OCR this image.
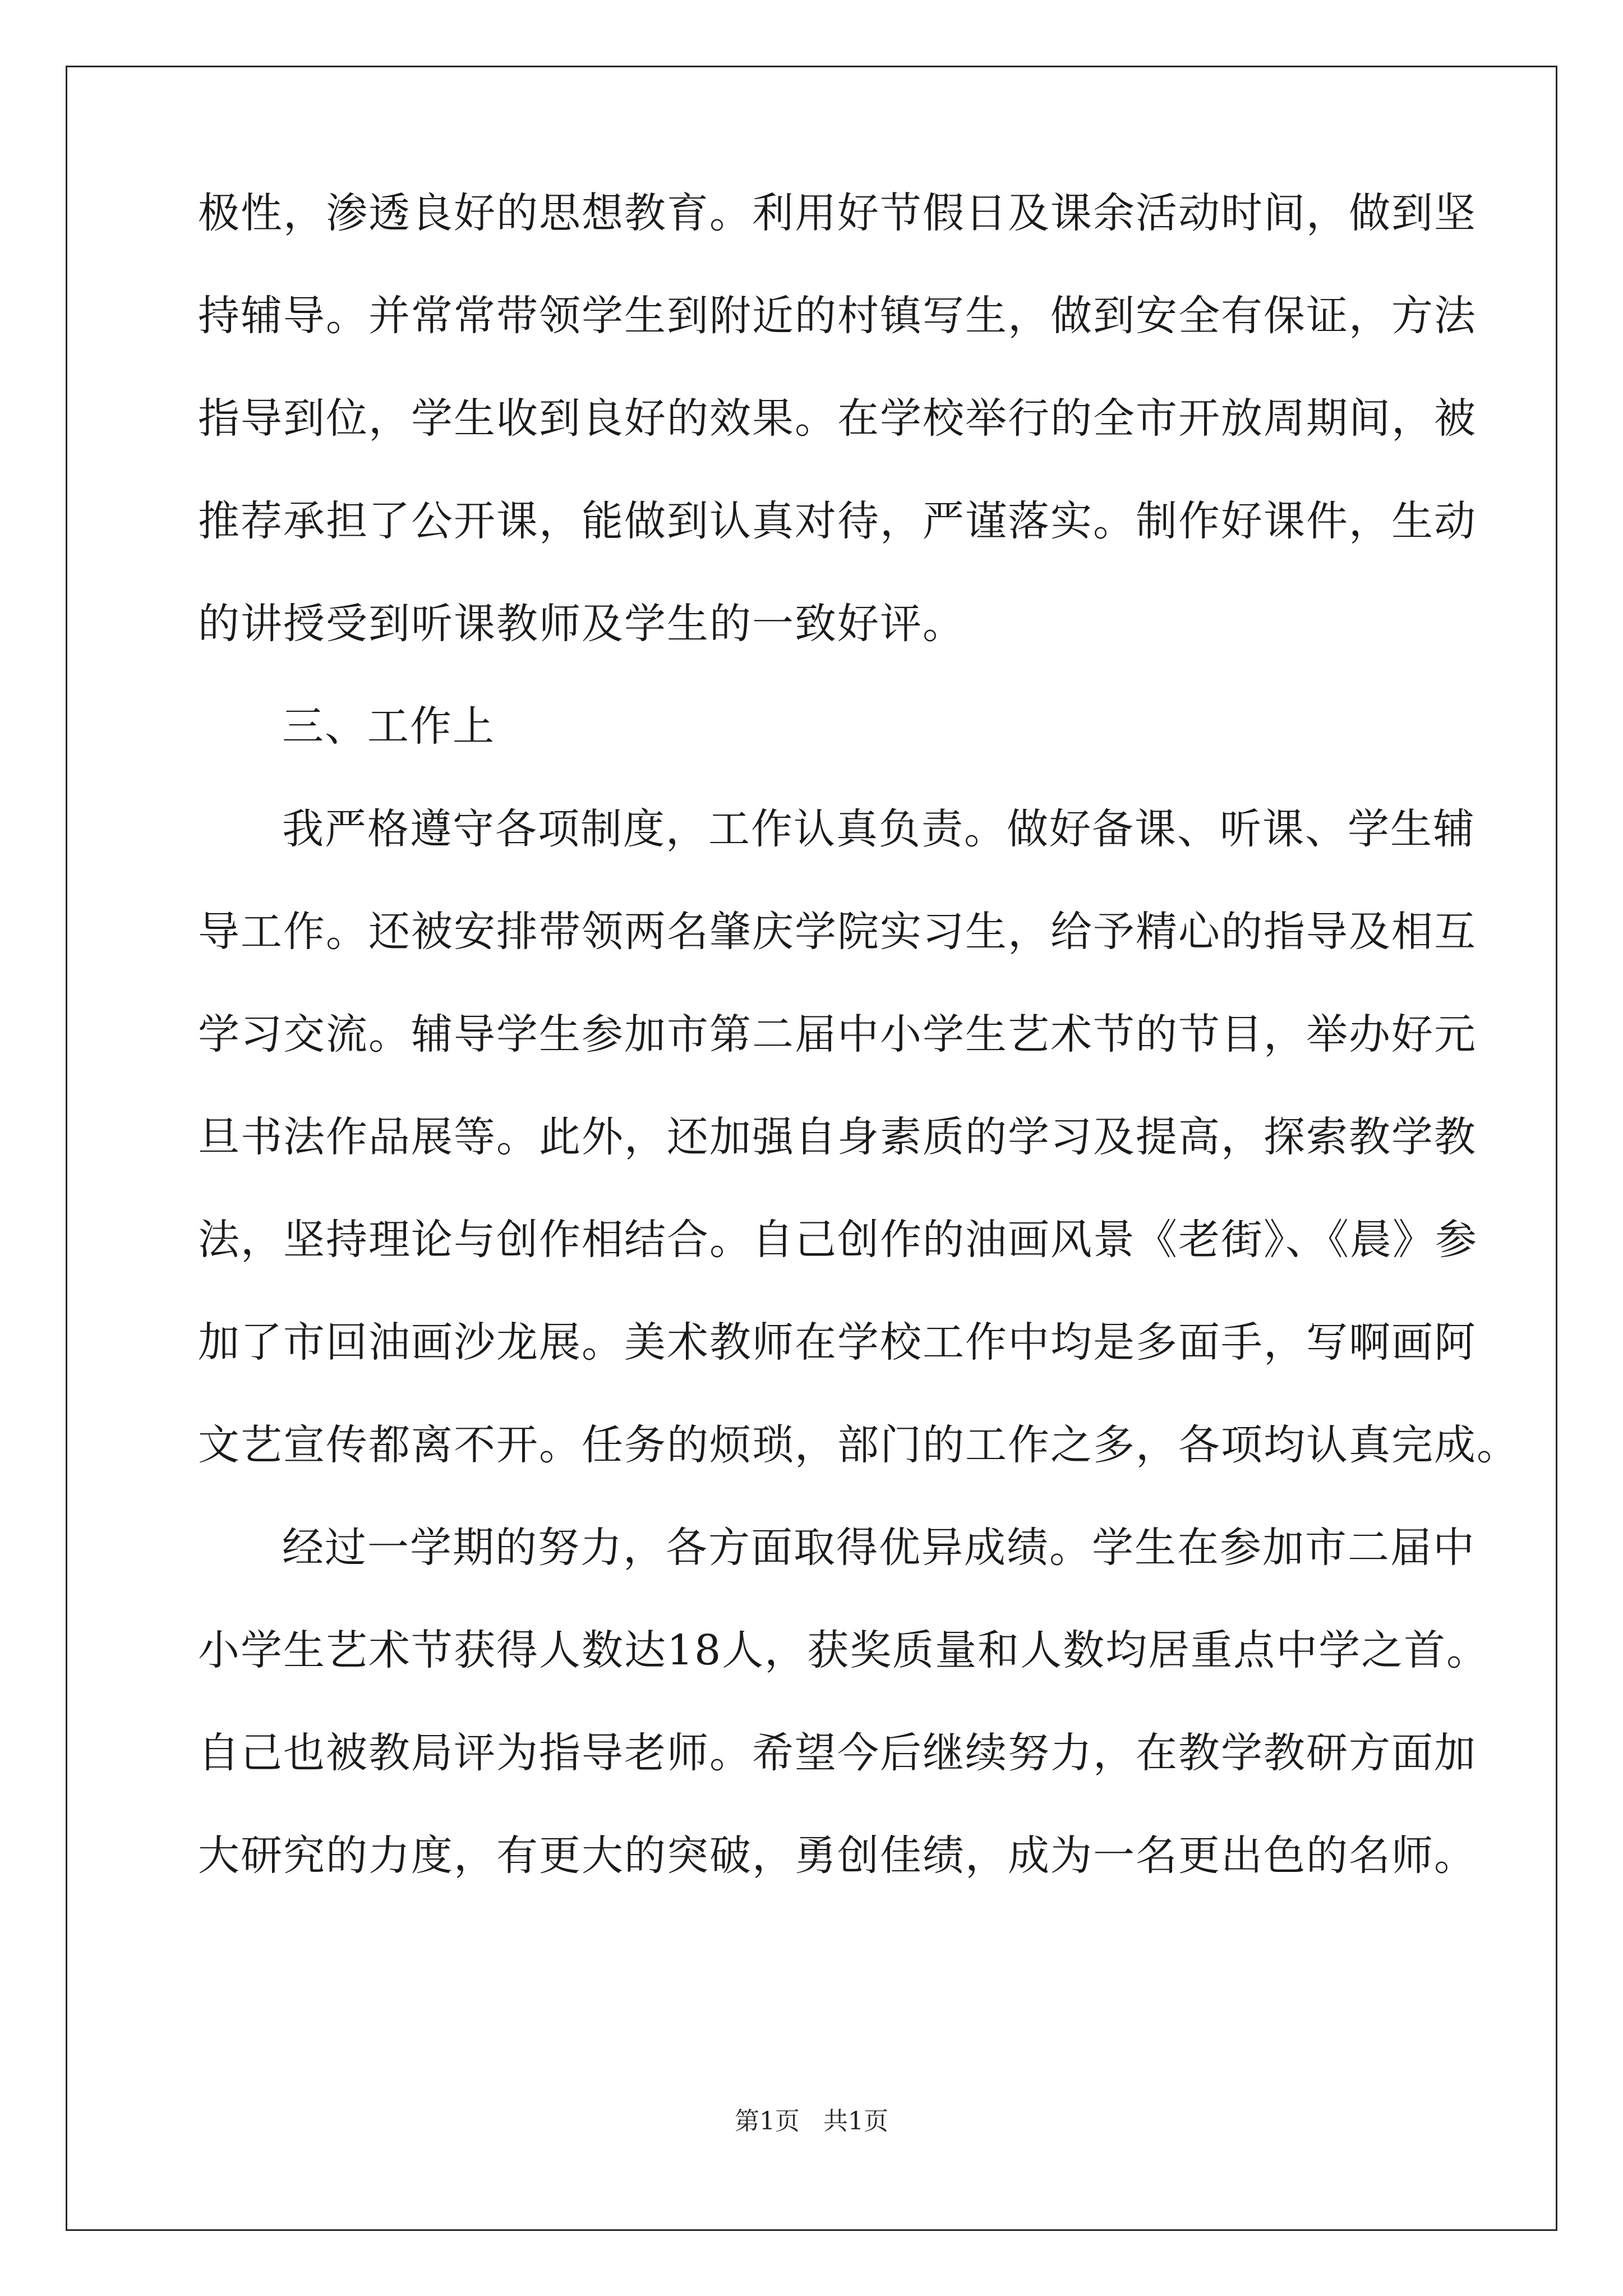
极性，渗透良好的思想教育。利用好节假日及课余活动时间，做到坚
持辅导。并常常带领学生到附近的村镇写生，做到安全有保证，方法
指导到位，学生收到良好的效果。在学校举行的全市开放周期间，被
推荐承担了公开课，能做到认真对待，严谨落实。制作好课件，生动
的讲授受到听课教师及学生的一致好评。
三、工作上
我严格遵守各项制度，工作认真负责。做好备课、听课、学生辅
导工作。还被安排带领两名肇庆学院实习生，给予精心的指导及相互
学习交流。辅导学生参加市第二届中小学生艺术节的节目，举办好元
旦书法作品展等。此外，还加强自身素质的学习及提高，探索教学教
法，坚持理论与创作相结合。自己创作的油画风景《老街》、《晨》参
加了市回油画沙龙展。美术教师在学校工作中均是多面手，写啊画阿
文艺宣传都离不开。任务的烦琐，部门的工作之多，各项均认真完成。
经过一学期的努力，各方面取得优异成绩。学生在参加市二届中
小学生艺术节获得人数达18人，获奖质量和人数均居重点中学之首。
自己也被教局评为指导老师。希望今后继续努力，在教学教研方面加
大研究的力度，有更大的突破，勇创佳绩，成为一名更出色的名师。
第1页 共1页
